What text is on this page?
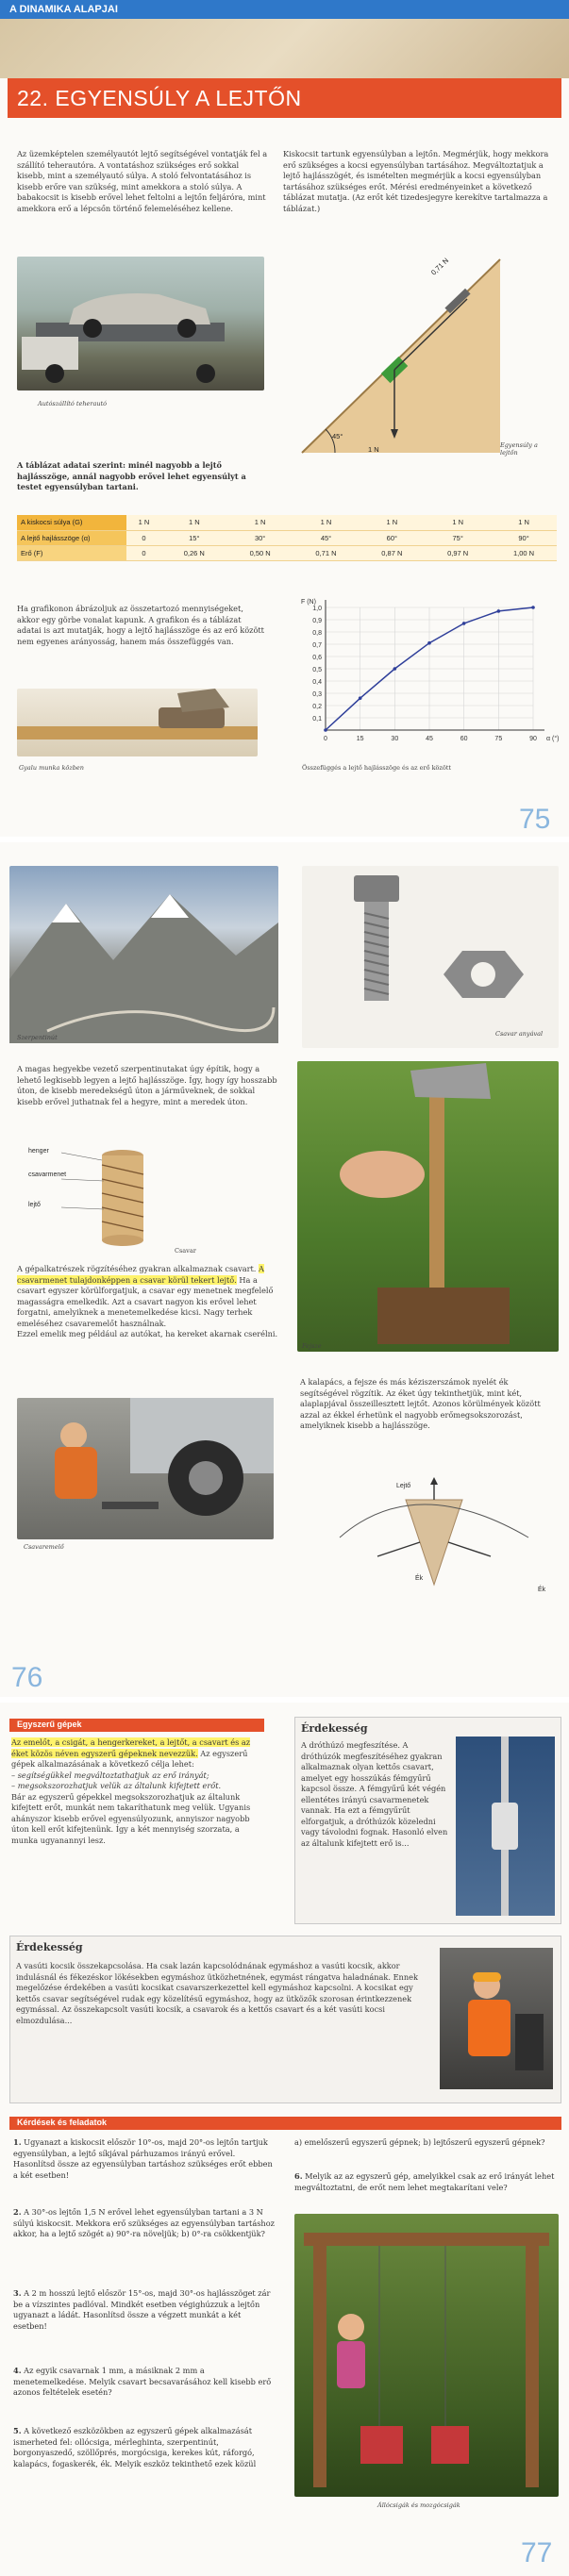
A DINAMIKA ALAPJAI
22. EGYENSÚLY A LEJTŐN
Az üzemképtelen személyautót lejtő segítségével vontatják fel a szállító teherautóra. A vontatáshoz szükséges erő sokkal kisebb, mint a személyautó súlya. A stoló felvontatásához is kisebb erőre van szükség, mint amekkora a stoló súlya. A babakocsit is kisebb erővel lehet feltolni a lejtőn feljáróra, mint amekkora erő a lépcsőn történő felemeléséhez kellene.
Autószállító teherautó
Kiskocsit tartunk egyensúlyban a lejtőn. Megmérjük, hogy mekkora erő szükséges a kocsi egyensúlyban tartásához. Megváltoztatjuk a lejtő hajlásszögét, és ismételten megmérjük a kocsi egyensúlyban tartásához szükséges erőt. Mérési eredményeinket a következő táblázat mutatja. (Az erőt két tizedesjegyre kerekítve tartalmazza a táblázat.)
0,71 N
45°
1 N	Egyensúly a lejtőn
A táblázat adatai szerint: minél nagyobb a lejtő hajlásszöge, annál nagyobb erővel lehet egyensúlyt a testet egyensúlyban tartani.
A kiskocsi súlya (G)	1 N	1 N	1 N	1 N	1 N	1 N	1 N
A lejtő hajlásszöge (α)	0	15°	30°	45°	60°	75°	90°
Erő (F)	0	0,26 N	0,50 N	0,71 N	0,87 N	0,97 N	1,00 N
Ha grafikonon ábrázoljuk az összetartozó mennyiségeket, akkor egy görbe vonalat kapunk. A grafikon és a táblázat adatai is azt mutatják, hogy a lejtő hajlásszöge és az erő között nem egyenes arányosság, hanem más összefüggés van.
Gyalu munka közben
0,1
0,2
0,3
0,4
0,5
0,6
0,7
0,8
0,9
1,0
0	15	30	45	60	75	90 α (°)
F (N)
Összefüggés a lejtő hajlásszöge és az erő között
75
Szerpentinút	Csavar anyával
A magas hegyekbe vezető szerpentinutakat úgy építik, hogy a lehető legkisebb legyen a lejtő hajlásszöge. Így, hogy így hosszabb úton, de kisebb meredekségű úton a járműveknek, de sokkal kisebb erővel juthatnak fel a hegyre, mint a meredek úton.
henger
csavarmenet
lejtő
Csavar
A gépalkatrészek rögzítéséhez gyakran alkalmaznak csavart. A csavarmenet tulajdonképpen a csavar körül tekert lejtő. Ha a csavart egyszer körülforgatjuk, a csavar egy menetnek megfelelő magasságra emelkedik. Azt a csavart nagyon kis erővel lehet forgatni, amelyiknek a menetemelkedése kicsi. Nagy terhek emeléséhez csavaremelőt használnak.
Ezzel emelik meg például az autókat, ha kereket akarnak cserélni.
Csavaremelő
Fejsze
A kalapács, a fejsze és más kéziszerszámok nyelét ék segítségével rögzítik. Az éket úgy tekinthetjük, mint két, alaplapjával összeillesztett lejtőt. Azonos körülmények között azzal az ékkel érhetünk el nagyobb erőmegsokszorozást, amelyiknek kisebb a hajlásszöge.
Lejtő
Ék
Ék
76
Egyszerű gépek
Az emelőt, a csigát, a hengerkereket, a lejtőt, a csavart és az éket közös néven egyszerű gépeknek nevezzük. Az egyszerű gépek alkalmazásának a következő célja lehet:
– segítségükkel megváltoztathatjuk az erő irányát;
– megsokszorozhatjuk velük az általunk kifejtett erőt.
Bár az egyszerű gépekkel megsokszorozhatjuk az általunk kifejtett erőt, munkát nem takaríthatunk meg velük. Ugyanis ahányszor kisebb erővel egyensúlyozunk, annyiszor nagyobb úton kell erőt kifejtenünk. Így a két mennyiség szorzata, a munka ugyanannyi lesz.
Érdekesség
A dróthúzó megfeszítése. A dróthúzók megfeszítéséhez gyakran alkalmaznak olyan kettős csavart, amelyet egy hosszúkás fémgyűrű kapcsol össze. A fémgyűrű két végén ellentétes irányú csavarmenetek vannak. Ha ezt a fémgyűrűt elforgatjuk, a dróthúzók közeledni vagy távolodni fognak. Hasonló elven az általunk kifejtett erő is...
Érdekesség
A vasúti kocsik összekapcsolása. Ha csak lazán kapcsolódnának egymáshoz a vasúti kocsik, akkor indulásnál és fékezéskor lökésekben egymáshoz ütközhetnének, egymást rángatva haladnának. Ennek megelőzése érdekében a vasúti kocsikat csavarszerkezettel kell egymáshoz kapcsolni. A kocsikat egy kettős csavar segítségével rudak egy közelítésű egymáshoz, hogy az ütközők szorosan érintkezzenek egymással. Az összekapcsolt vasúti kocsik, a csavarok és a kettős csavart és a két vasúti kocsi elmozdulása...
Kérdések és feladatok
1. Ugyanazt a kiskocsit először 10°-os, majd 20°-os lejtőn tartjuk egyensúlyban, a lejtő síkjával párhuzamos irányú erővel. Hasonlítsd össze az egyensúlyban tartáshoz szükséges erőt ebben a két esetben!
2. A 30°-os lejtőn 1,5 N erővel lehet egyensúlyban tartani a 3 N súlyú kiskocsit. Mekkora erő szükséges az egyensúlyban tartáshoz akkor, ha a lejtő szögét a) 90°-ra növeljük; b) 0°-ra csökkentjük?
3. A 2 m hosszú lejtő először 15°-os, majd 30°-os hajlásszöget zár be a vízszintes padlóval. Mindkét esetben végighúzzuk a lejtőn ugyanazt a ládát. Hasonlítsd össze a végzett munkát a két esetben!
4. Az egyik csavarnak 1 mm, a másiknak 2 mm a menetemelkedése. Melyik csavart becsavarásához kell kisebb erő azonos feltételek esetén?
5. A következő eszközökben az egyszerű gépek alkalmazását ismerheted fel: ollócsiga, mérleghinta, szerpentinút, borgonyaszedő, szöllőprés, morgócsiga, kerekes kút, ráforgó, kalapács, fogaskerék, ék. Melyik eszköz tekinthető ezek közül
a) emelőszerű egyszerű gépnek; b) lejtőszerű egyszerű gépnek?
6. Melyik az az egyszerű gép, amelyikkel csak az erő irányát lehet megváltoztatni, de erőt nem lehet megtakarítani vele?
Állócsigák és mozgócsigák
77
